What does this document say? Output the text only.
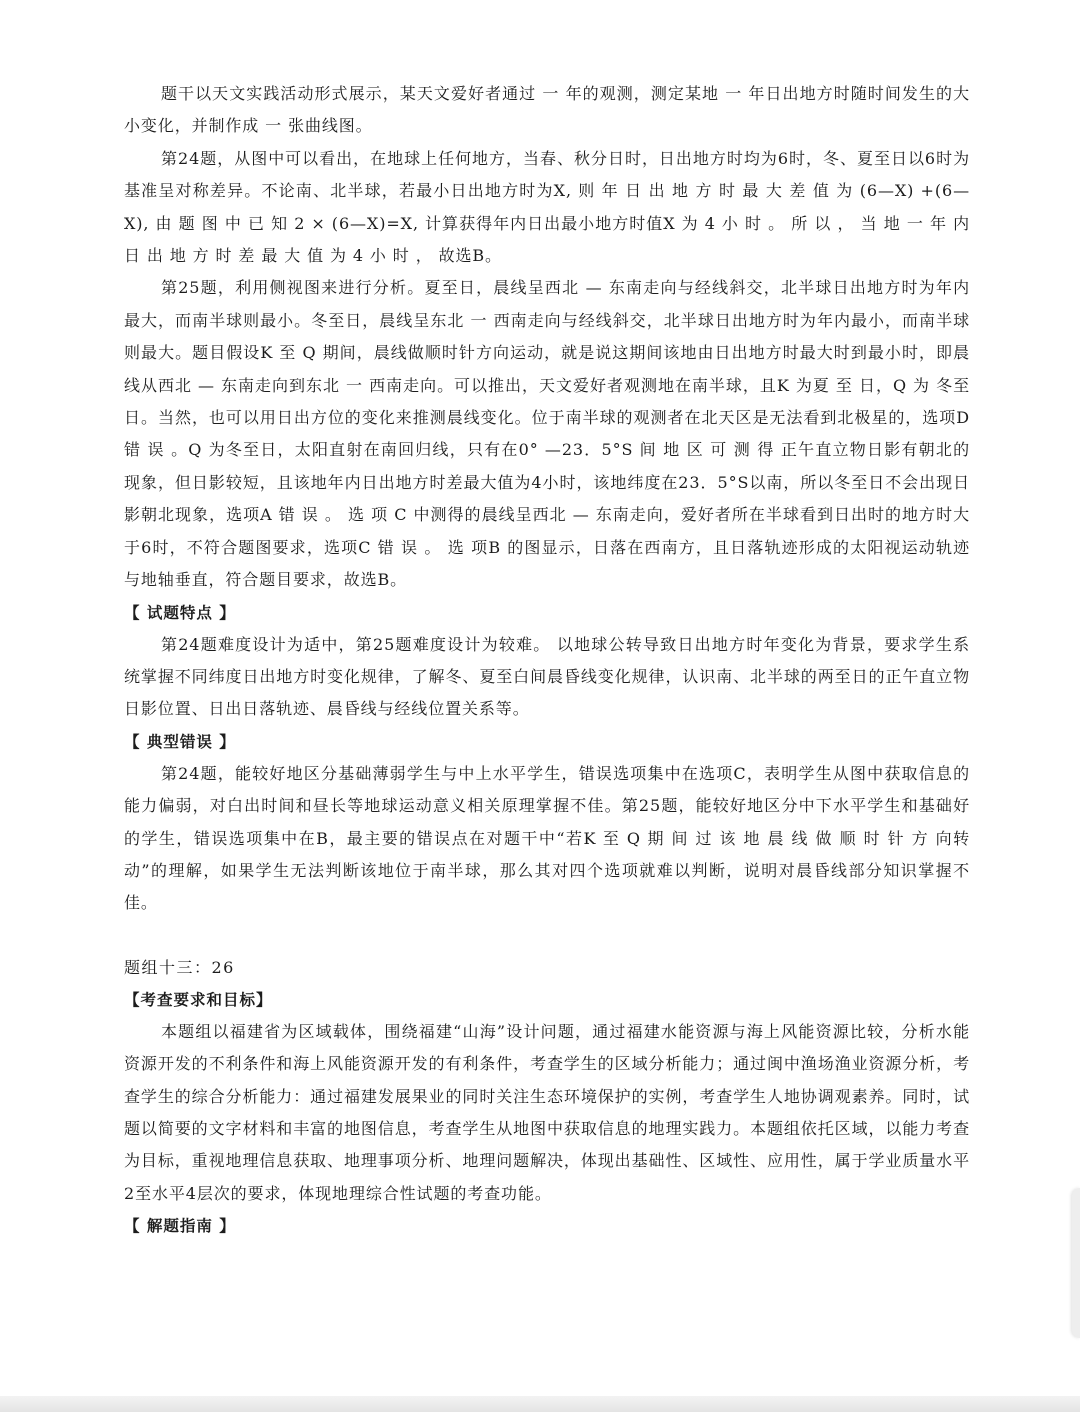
题干以天文实践活动形式展示，某天文爱好者通过 一 年的观测，测定某地 一 年日出地方时随时间发生的大小变化，并制作成 一 张曲线图。

第24题，从图中可以看出，在地球上任何地方，当春、秋分日时，日出地方时均为6时，冬、夏至日以6时为基准呈对称差异。不论南、北半球，若最小日出地方时为X, 则 年 日 出 地 方 时 最 大 差 值 为 (6—X) +(6—X), 由 题 图 中 已 知 2 × (6—X)=X, 计算获得年内日出最小地方时值X 为 4 小 时 。 所 以 ， 当 地 一 年 内 日 出 地 方 时 差 最 大 值 为 4 小 时 ， 故选B。

第25题，利用侧视图来进行分析。夏至日，晨线呈西北 — 东南走向与经线斜交，北半球日出地方时为年内最大，而南半球则最小。冬至日，晨线呈东北 一 西南走向与经线斜交，北半球日出地方时为年内最小，而南半球则最大。题目假设K 至 Q 期间，晨线做顺时针方向运动，就是说这期间该地由日出地方时最大时到最小时，即晨线从西北 — 东南走向到东北 一 西南走向。可以推出，天文爱好者观测地在南半球，且K 为夏 至 日，Q 为 冬至日。当然，也可以用日出方位的变化来推测晨线变化。位于南半球的观测者在北天区是无法看到北极星的，选项D 错 误 。Q 为冬至日，太阳直射在南回归线，只有在0° —23．5°S 间 地 区 可 测 得 正午直立物日影有朝北的现象，但日影较短，且该地年内日出地方时差最大值为4小时，该地纬度在23．5°S以南，所以冬至日不会出现日影朝北现象，选项A 错 误 。 选 项 C 中测得的晨线呈西北 — 东南走向，爱好者所在半球看到日出时的地方时大于6时，不符合题图要求，选项C 错 误 。 选 项B 的图显示，日落在西南方，且日落轨迹形成的太阳视运动轨迹与地轴垂直，符合题目要求，故选B。

【 试题特点 】

第24题难度设计为适中，第25题难度设计为较难。 以地球公转导致日出地方时年变化为背景，要求学生系统掌握不同纬度日出地方时变化规律，了解冬、夏至白间晨昏线变化规律，认识南、北半球的两至日的正午直立物日影位置、日出日落轨迹、晨昏线与经线位置关系等。

【 典型错误 】

第24题，能较好地区分基础薄弱学生与中上水平学生，错误选项集中在选项C，表明学生从图中获取信息的能力偏弱，对白出时间和昼长等地球运动意义相关原理掌握不佳。第25题，能较好地区分中下水平学生和基础好的学生，错误选项集中在B，最主要的错误点在对题干中“若K 至 Q 期 间 过 该 地 晨 线 做 顺 时 针 方 向转动”的理解，如果学生无法判断该地位于南半球，那么其对四个选项就难以判断，说明对晨昏线部分知识掌握不佳。

题组十三：26
【考查要求和目标】

本题组以福建省为区域载体，围绕福建“山海”设计问题，通过福建水能资源与海上风能资源比较，分析水能资源开发的不利条件和海上风能资源开发的有利条件，考查学生的区域分析能力；通过闽中渔场渔业资源分析，考查学生的综合分析能力：通过福建发展果业的同时关注生态环境保护的实例，考查学生人地协调观素养。同时，试题以简要的文字材料和丰富的地图信息，考查学生从地图中获取信息的地理实践力。本题组依托区域，以能力考查为目标，重视地理信息获取、地理事项分析、地理问题解决，体现出基础性、区域性、应用性，属于学业质量水平2至水平4层次的要求，体现地理综合性试题的考查功能。

【 解题指南 】
